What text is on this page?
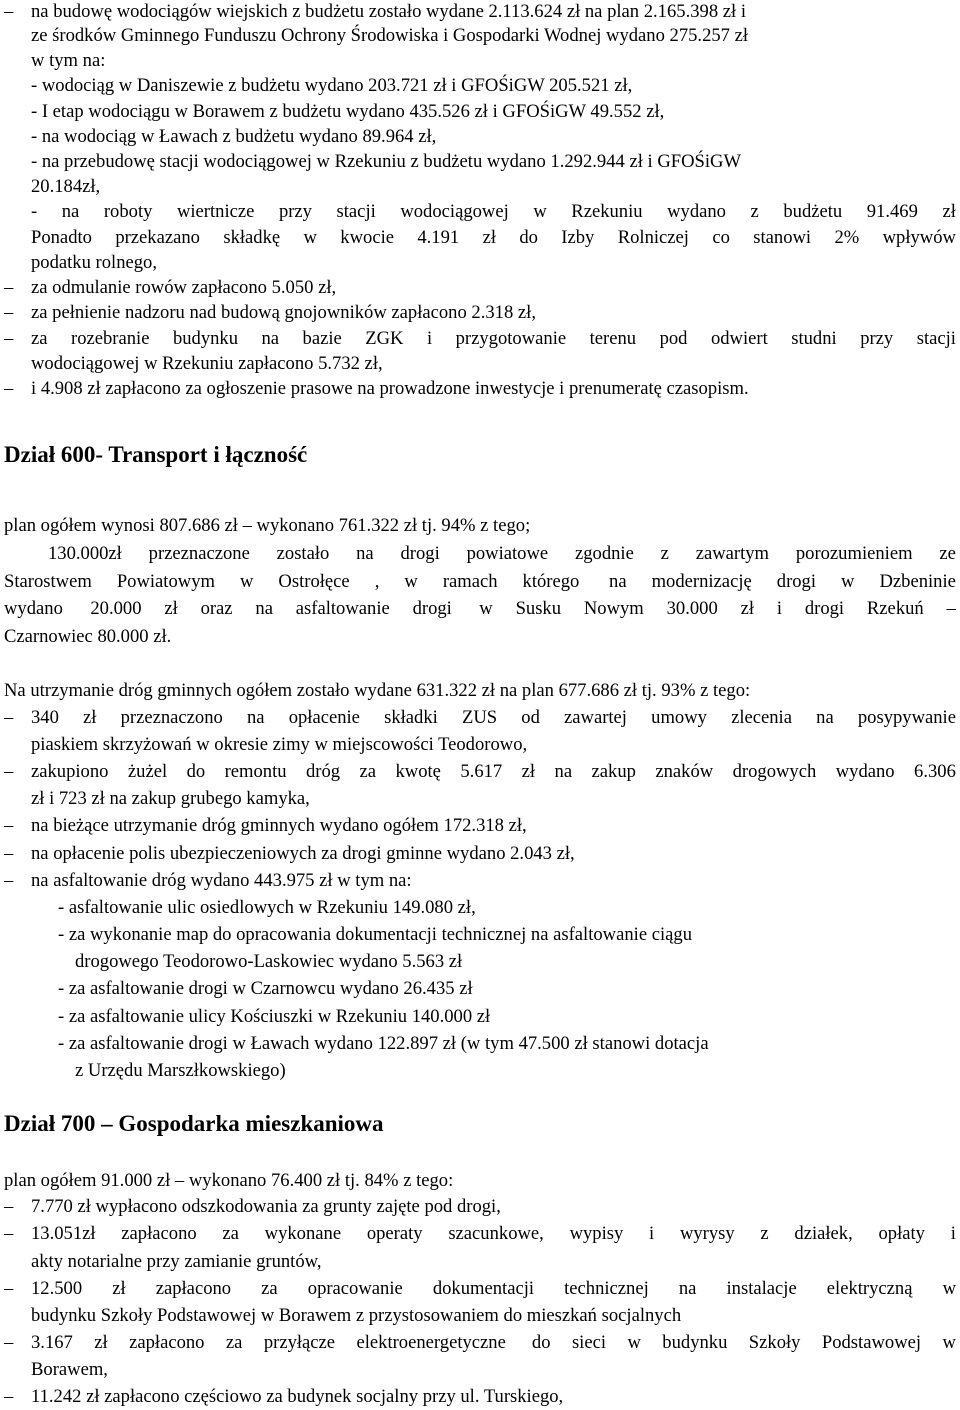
– na budowę wodociągów wiejskich z budżetu zostało wydane 2.113.624 zł na plan 2.165.398 zł i
ze środków Gminnego Funduszu Ochrony Środowiska i Gospodarki Wodnej wydano 275.257 zł
w tym na:
- wodociąg w Daniszewie z budżetu wydano 203.721 zł i GFOŚiGW 205.521 zł,
- I etap wodociągu w Borawem z budżetu wydano 435.526 zł i GFOŚiGW 49.552 zł,
- na wodociąg w Ławach z budżetu wydano 89.964 zł,
- na przebudowę stacji wodociągowej w Rzekuniu z budżetu wydano 1.292.944 zł i GFOŚiGW
20.184zł,
- na roboty wiertnicze przy stacji wodociągowej w Rzekuniu wydano z budżetu 91.469 zł
Ponadto przekazano składkę w kwocie 4.191 zł do Izby Rolniczej co stanowi 2% wpływów
podatku rolnego,
– za odmulanie rowów zapłacono 5.050 zł,
– za pełnienie nadzoru nad budową gnojowników zapłacono 2.318 zł,
– za rozebranie budynku na bazie ZGK i przygotowanie terenu pod odwiert studni przy stacji
wodociągowej w Rzekuniu zapłacono 5.732 zł,
– i 4.908 zł zapłacono za ogłoszenie prasowe na prowadzone inwestycje i prenumeratę czasopism.
Dział 600- Transport i łączność
plan ogółem wynosi 807.686 zł – wykonano 761.322 zł tj. 94% z tego;
130.000zł przeznaczone zostało na drogi powiatowe zgodnie z zawartym porozumieniem ze
Starostwem Powiatowym w Ostrołęce , w ramach którego na modernizację drogi w Dzbeninie
wydano 20.000 zł oraz na asfaltowanie drogi w Susku Nowym 30.000 zł i drogi Rzekuń –
Czarnowiec 80.000 zł.
Na utrzymanie dróg gminnych ogółem zostało wydane 631.322 zł na plan 677.686 zł tj. 93% z tego:
– 340 zł przeznaczono na opłacenie składki ZUS od zawartej umowy zlecenia na posypywanie
piaskiem skrzyżowań w okresie zimy w miejscowości Teodorowo,
– zakupiono żużel do remontu dróg za kwotę 5.617 zł na zakup znaków drogowych wydano 6.306
zł i 723 zł na zakup grubego kamyka,
– na bieżące utrzymanie dróg gminnych wydano ogółem 172.318 zł,
– na opłacenie polis ubezpieczeniowych za drogi gminne wydano 2.043 zł,
– na asfaltowanie dróg wydano 443.975 zł w tym na:
- asfaltowanie ulic osiedlowych w Rzekuniu 149.080 zł,
- za wykonanie map do opracowania dokumentacji technicznej na asfaltowanie ciągu
drogowego Teodorowo-Laskowiec wydano 5.563 zł
- za asfaltowanie drogi w Czarnowcu wydano 26.435 zł
- za asfaltowanie ulicy Kościuszki w Rzekuniu 140.000 zł
- za asfaltowanie drogi w Ławach wydano 122.897 zł (w tym 47.500 zł stanowi dotacja
z Urzędu Marszłkowskiego)
Dział 700 – Gospodarka mieszkaniowa
plan ogółem 91.000 zł – wykonano 76.400 zł tj. 84% z tego:
– 7.770 zł wypłacono odszkodowania za grunty zajęte pod drogi,
– 13.051zł zapłacono za wykonane operaty szacunkowe, wypisy i wyrysy z działek, opłaty i
akty notarialne przy zamianie gruntów,
– 12.500 zł zapłacono za opracowanie dokumentacji technicznej na instalacje elektryczną w
budynku Szkoły Podstawowej w Borawem z przystosowaniem do mieszkań socjalnych
– 3.167 zł zapłacono za przyłącze elektroenergetyczne do sieci w budynku Szkoły Podstawowej w
Borawem,
– 11.242 zł zapłacono częściowo za budynek socjalny przy ul. Turskiego,
